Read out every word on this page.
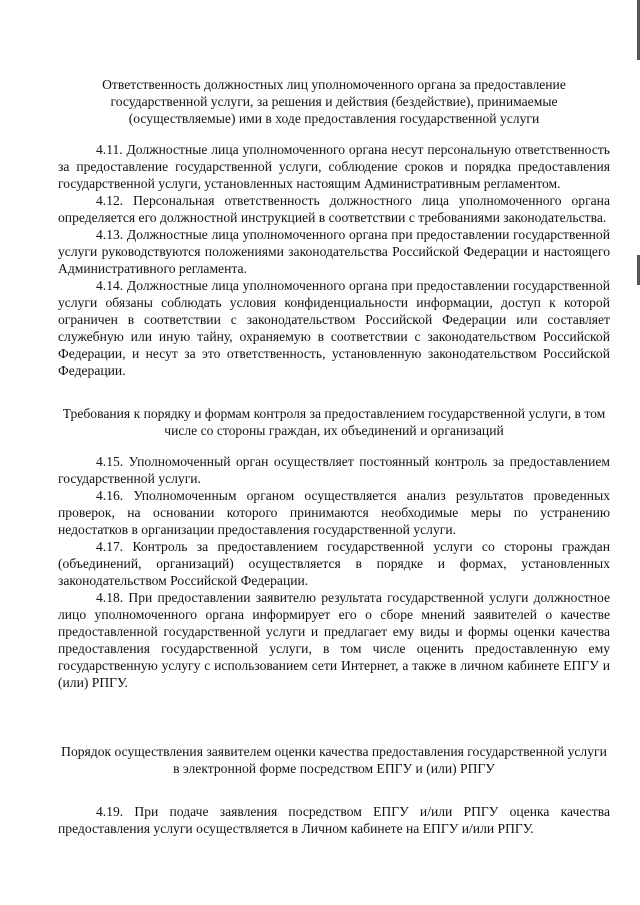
Ответственность должностных лиц уполномоченного органа за предоставление государственной услуги, за решения и действия (бездействие), принимаемые (осуществляемые) ими в ходе предоставления государственной услуги

4.11. Должностные лица уполномоченного органа несут персональную ответственность за предоставление государственной услуги, соблюдение сроков и порядка предоставления государственной услуги, установленных настоящим Административным регламентом.

4.12. Персональная ответственность должностного лица уполномоченного органа определяется его должностной инструкцией в соответствии с требованиями законодательства.

4.13. Должностные лица уполномоченного органа при предоставлении государственной услуги руководствуются положениями законодательства Российской Федерации и настоящего Административного регламента.

4.14. Должностные лица уполномоченного органа при предоставлении государственной услуги обязаны соблюдать условия конфиденциальности информации, доступ к которой ограничен в соответствии с законодательством Российской Федерации или составляет служебную или иную тайну, охраняемую в соответствии с законодательством Российской Федерации, и несут за это ответственность, установленную законодательством Российской Федерации.

Требования к порядку и формам контроля за предоставлением государственной услуги, в том числе со стороны граждан, их объединений и организаций

4.15. Уполномоченный орган осуществляет постоянный контроль за предоставлением государственной услуги.

4.16. Уполномоченным органом осуществляется анализ результатов проведенных проверок, на основании которого принимаются необходимые меры по устранению недостатков в организации предоставления государственной услуги.

4.17. Контроль за предоставлением государственной услуги со стороны граждан (объединений, организаций) осуществляется в порядке и формах, установленных законодательством Российской Федерации.

4.18. При предоставлении заявителю результата государственной услуги должностное лицо уполномоченного органа информирует его о сборе мнений заявителей о качестве предоставленной государственной услуги и предлагает ему виды и формы оценки качества предоставления государственной услуги, в том числе оценить предоставленную ему государственную услугу с использованием сети Интернет, а также в личном кабинете ЕПГУ и (или) РПГУ.

Порядок осуществления заявителем оценки качества предоставления государственной услуги в электронной форме посредством ЕПГУ и (или) РПГУ

4.19. При подаче заявления посредством ЕПГУ и/или РПГУ оценка качества предоставления услуги осуществляется в Личном кабинете на ЕПГУ и/или РПГУ.
